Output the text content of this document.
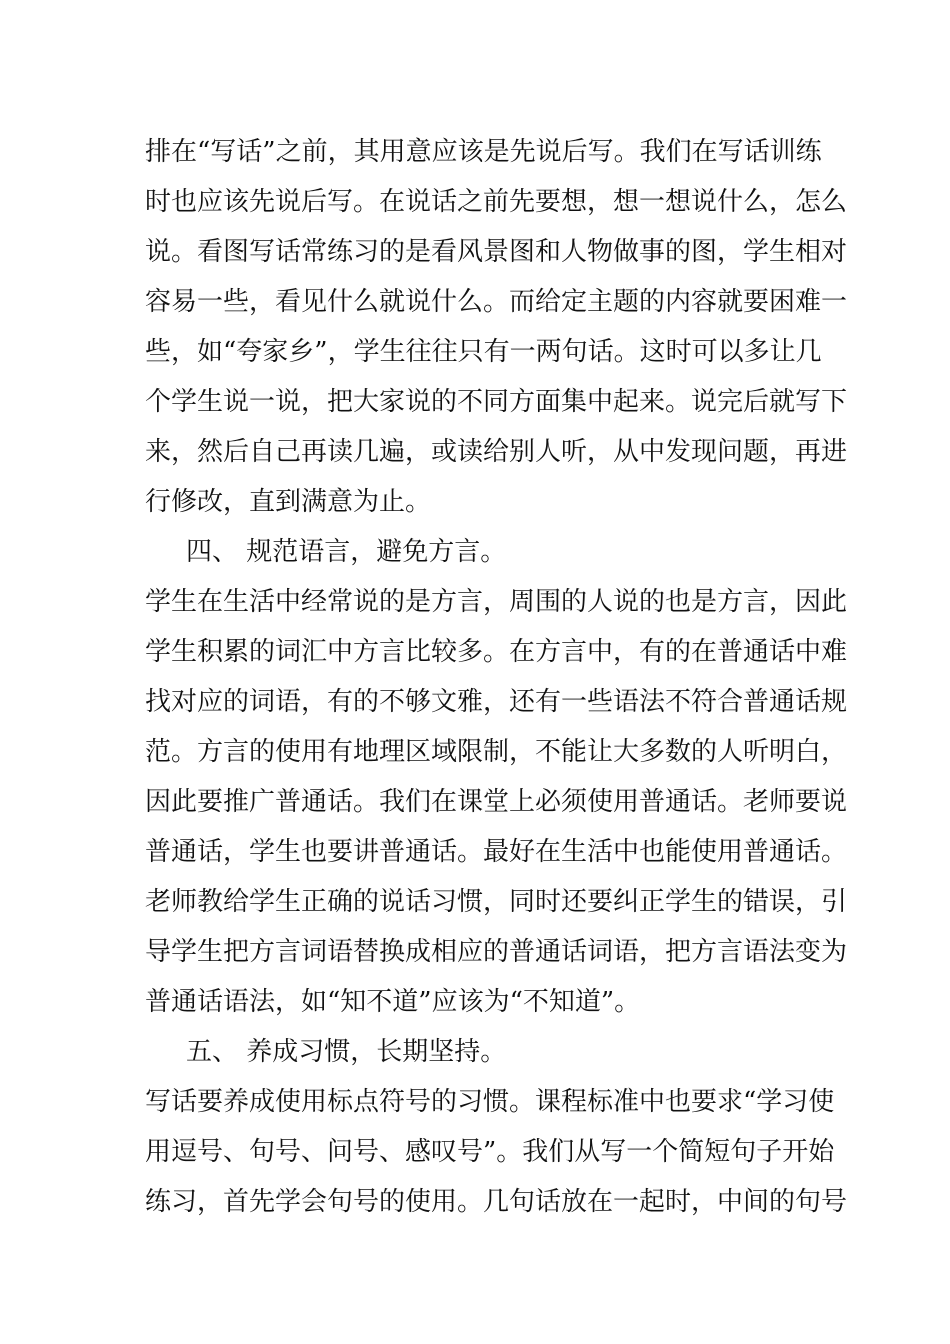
排在“写话”之前，其用意应该是先说后写。我们在写话训练
时也应该先说后写。在说话之前先要想，想一想说什么，怎么
说。看图写话常练习的是看风景图和人物做事的图，学生相对
容易一些，看见什么就说什么。而给定主题的内容就要困难一
些，如“夸家乡”，学生往往只有一两句话。这时可以多让几
个学生说一说，把大家说的不同方面集中起来。说完后就写下
来，然后自己再读几遍，或读给别人听，从中发现问题，再进
行修改，直到满意为止。
四、 规范语言，避免方言。
学生在生活中经常说的是方言，周围的人说的也是方言，因此
学生积累的词汇中方言比较多。在方言中，有的在普通话中难
找对应的词语，有的不够文雅，还有一些语法不符合普通话规
范。方言的使用有地理区域限制，不能让大多数的人听明白，
因此要推广普通话。我们在课堂上必须使用普通话。老师要说
普通话，学生也要讲普通话。最好在生活中也能使用普通话。
老师教给学生正确的说话习惯，同时还要纠正学生的错误，引
导学生把方言词语替换成相应的普通话词语，把方言语法变为
普通话语法，如“知不道”应该为“不知道”。
五、 养成习惯，长期坚持。
写话要养成使用标点符号的习惯。课程标准中也要求“学习使
用逗号、句号、问号、感叹号”。我们从写一个简短句子开始
练习，首先学会句号的使用。几句话放在一起时，中间的句号
